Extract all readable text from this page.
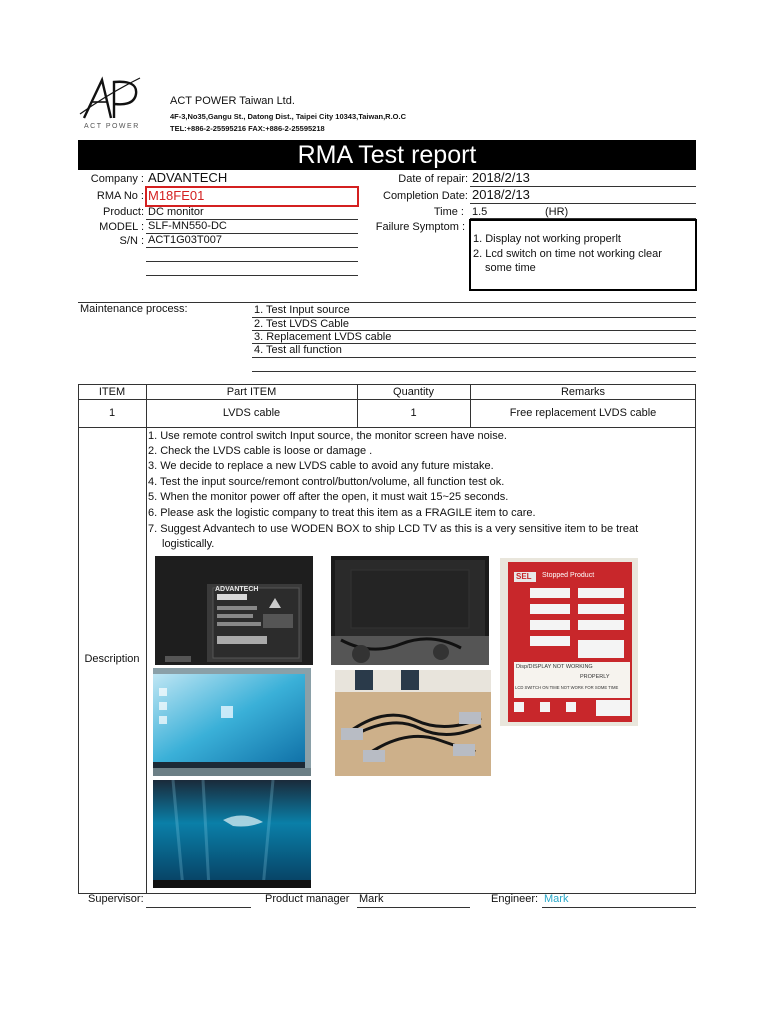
ACT POWER
ACT POWER Taiwan Ltd.
4F-3,No35,Gangu St., Datong Dist., Taipei City 10343,Taiwan,R.O.C
TEL:+886-2-25595216 FAX:+886-2-25595218
RMA Test report
Company : ADVANTECH
RMA No : M18FE01
Product: DC monitor
MODEL : SLF-MN550-DC
S/N : ACT1G03T007
Date of repair: 2018/2/13
Completion Date: 2018/2/13
Time : 1.5	(HR)
Failure Symptom :
1. Display not working properlt
2. Lcd switch on time not working clear
some time
Maintenance process:	1. Test Input source
2. Test LVDS Cable
3. Replacement LVDS cable
4. Test all function
ITEM	Part ITEM	Quantity	Remarks
1	LVDS cable	1	Free replacement LVDS cable
Description
1. Use remote control switch Input source, the monitor screen have noise.
2. Check the LVDS cable is loose or damage .
3. We decide to replace a new LVDS cable to avoid any future mistake.
4. Test the input source/remont control/button/volume, all function test ok.
5. When the monitor power off after the open, it must wait 15~25 seconds.
6. Please ask the logistic company to treat this item as a FRAGILE item to care.
7. Suggest Advantech to use WODEN BOX to ship LCD TV as this is a very sensitive item to be treat
logistically.
ADVANTECH
SEL Stopped Product
Disp/DISPLAY NOT WORKING
PROPERLY
LCD SWITCH ON TIME NOT WORK FOR SOME TIME
Supervisor:	Product manager Mark	Engineer: Mark
